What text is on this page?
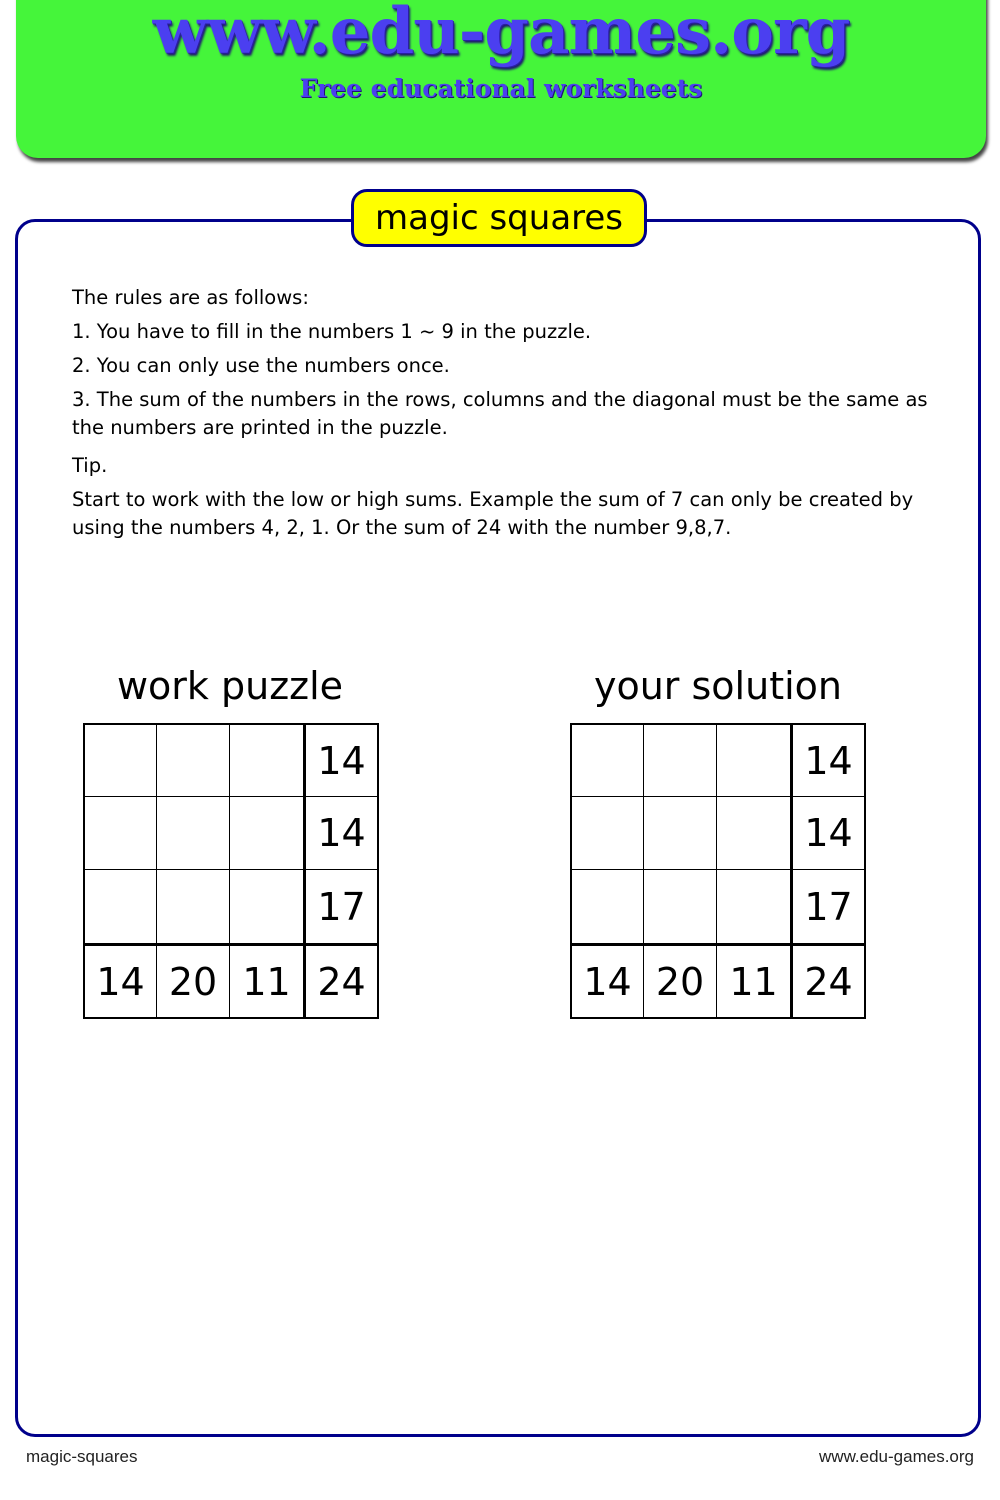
www.edu-games.org
Free educational worksheets
magic squares

The rules are as follows:

1. You have to fill in the numbers 1 ~ 9 in the puzzle.

2. You can only use the numbers once.

3. The sum of the numbers in the rows, columns and the diagonal must be the same as the numbers are printed in the puzzle.

Tip.

Start to work with the low or high sums. Example the sum of 7 can only be created by using the numbers 4, 2, 1. Or the sum of 24 with the number 9,8,7.

work puzzle
14
14
17
14 20 11 24
your solution
14
14
17
14 20 11 24
magic-squares	www.edu-games.org
